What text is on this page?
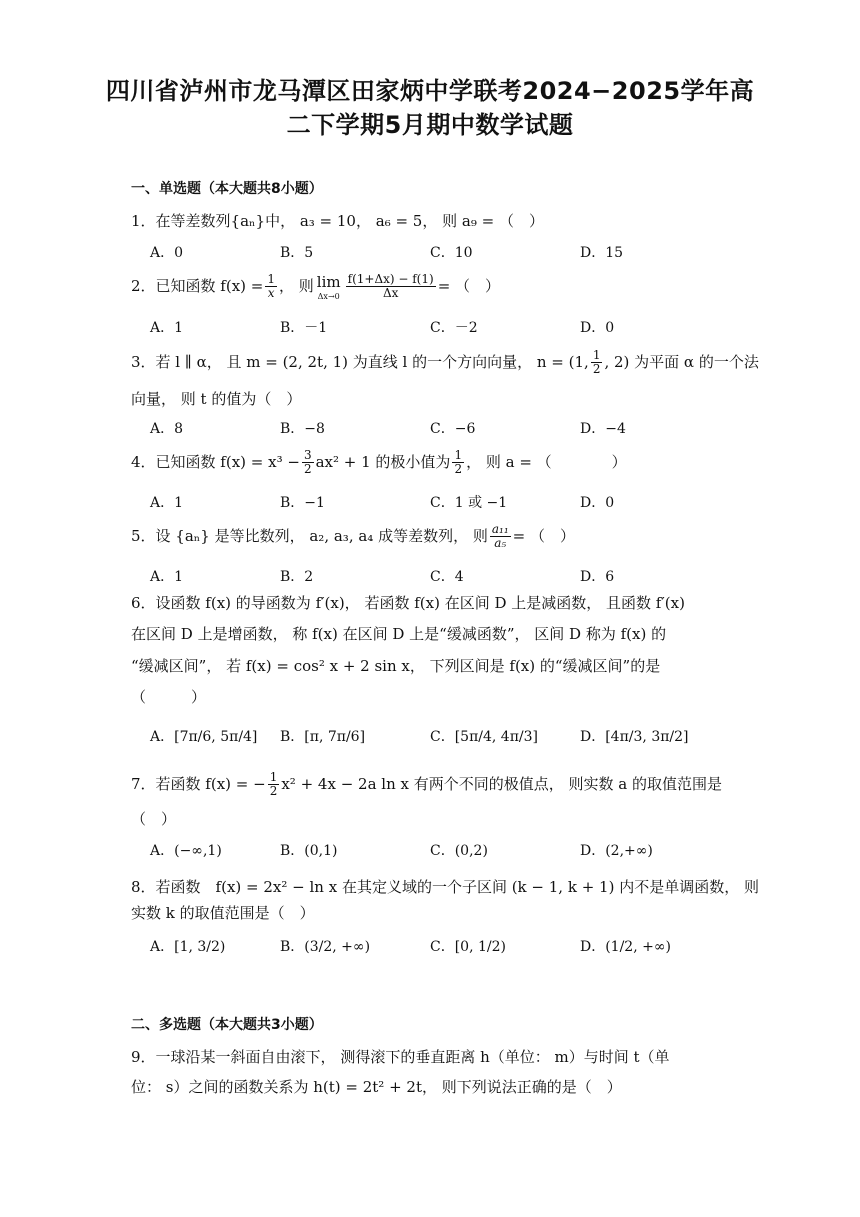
四川省泸州市龙马潭区田家炳中学联考2024−2025学年高
二下学期5月期中数学试题
一、单选题（本大题共8小题）
1．在等差数列{aₙ}中， a₃ = 10， a₆ = 5， 则 a₉ = （　）
A．0	B．5	C．10	D．15
2．已知函数 $f(x) = \frac{1}{x}$ ， 则 lim
$\Delta x\to 0 \frac{f(1+\Delta x) - f(1)}{\Delta x}$ = （　）
A．1	B．－1	C．－2	D．0
3．若 l ∥ α， 且 m = (2, 2t, 1) 为直线 l 的一个方向向量， n = (1, $\frac{1}{2}$ , 2) 为平面 α 的一个法
向量， 则 t 的值为（　）
A．8	B．−8	C．−6	D．−4
4．已知函数 $f(x) = x^3 - \frac{3}{2} ax^2 + 1$ 的极小值为 $\frac{1}{2}$ ， 则 a = （　　　　）
A．1	B．−1	C．1 或 −1	D．0
5．设 {aₙ} 是等比数列， a₂, a₃, a₄ 成等差数列， 则 $\frac{\text{a₁₁}}{\text{a₅}}$ = （　）
A．1	B．2	C．4	D．6
6．设函数 f(x) 的导函数为 f′(x)， 若函数 f(x) 在区间 D 上是减函数， 且函数 f′(x)
在区间 D 上是增函数， 称 f(x) 在区间 D 上是“缓减函数”， 区间 D 称为 f(x) 的
“缓减区间”， 若 f(x) = cos² x + 2 sin x， 下列区间是 f(x) 的“缓减区间”的是
（　　　）
A．[7π/6, 5π/4] B．[π, 7π/6]	C．[5π/4, 4π/3]	D．[4π/3, 3π/2]
7．若函数 f(x) = − $\frac{1}{2} x^2 + 4x - 2a$ ln x 有两个不同的极值点， 则实数 a 的取值范围是
（　）
A．(−∞,1)	B．(0,1)	C．(0,2)	D．(2,+∞)
8．若函数　f(x) = 2x² − ln x 在其定义域的一个子区间 (k − 1, k + 1) 内不是单调函数， 则
实数 k 的取值范围是（　）
A．[1, 3/2)	B．(3/2, +∞)	C．[0, 1/2)	D．(1/2, +∞)
二、多选题（本大题共3小题）
9．一球沿某一斜面自由滚下， 测得滚下的垂直距离 h（单位： m）与时间 t（单
位： s）之间的函数关系为 h(t) = 2t² + 2t， 则下列说法正确的是（　）
